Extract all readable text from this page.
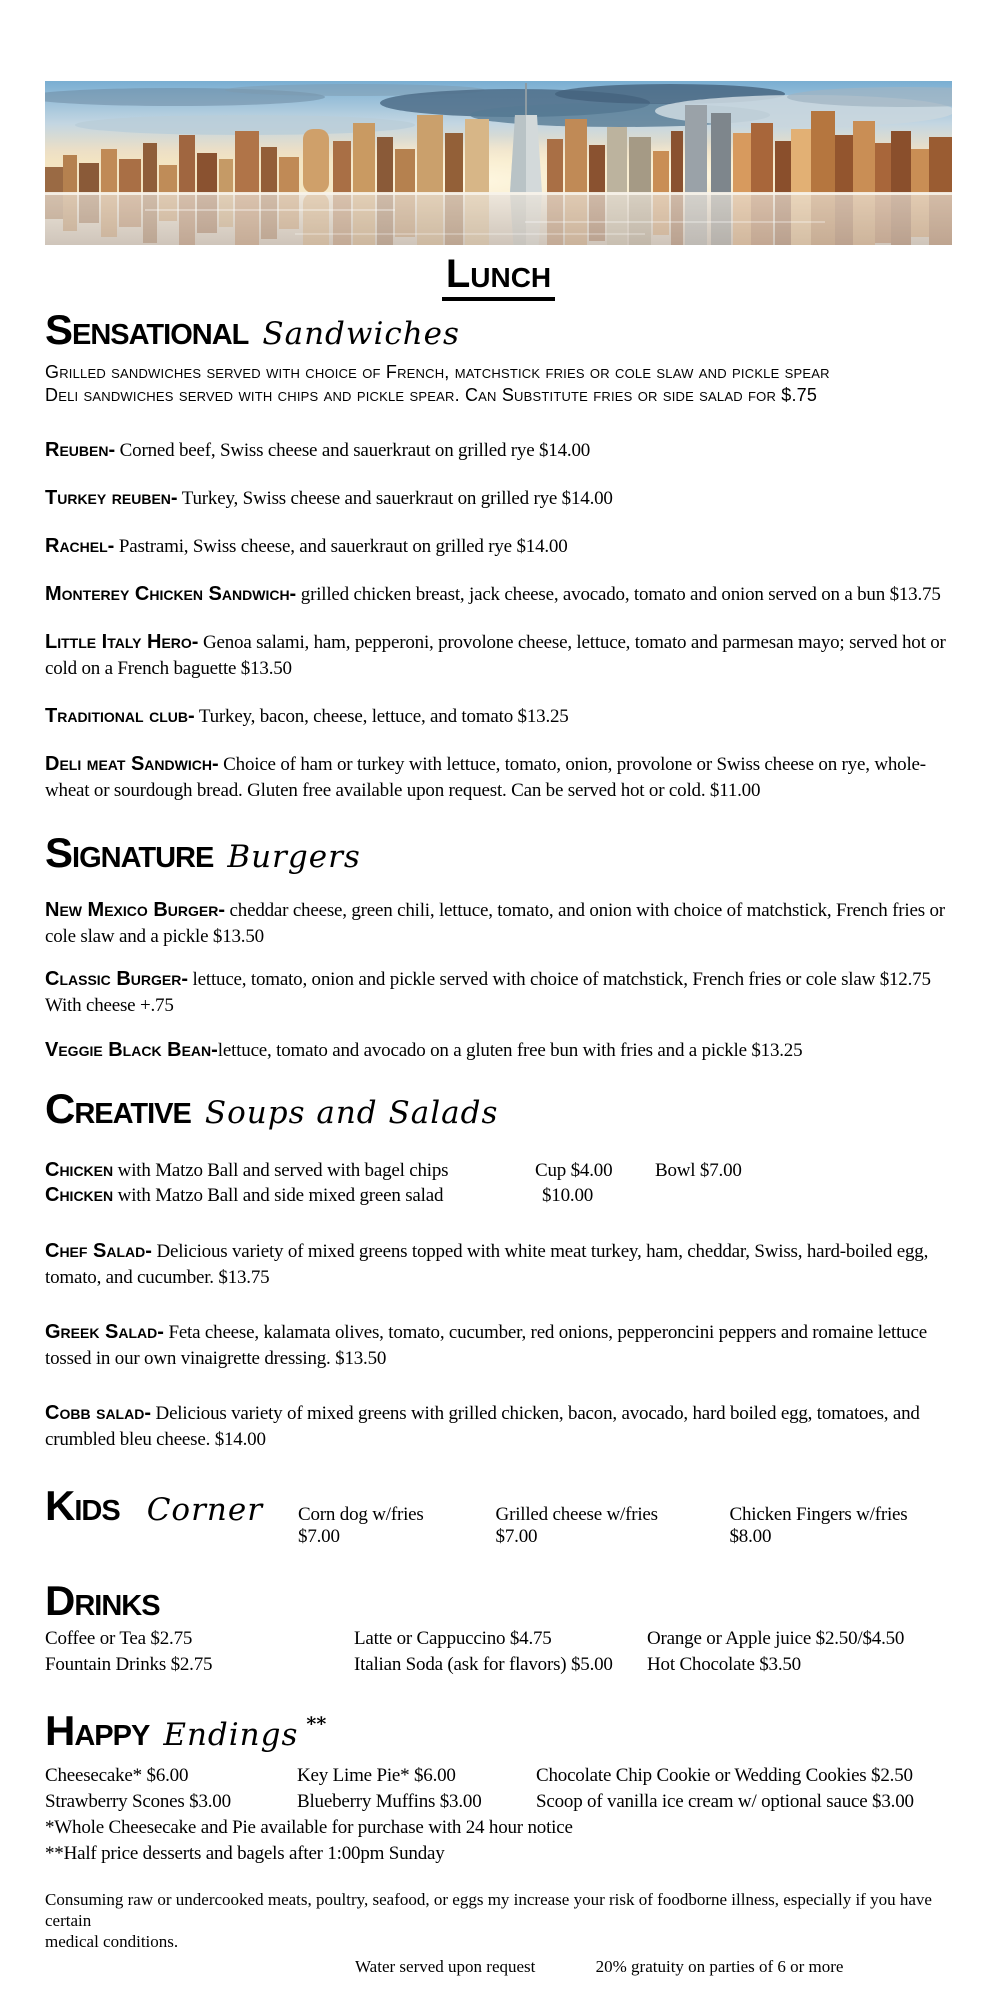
Lunch
Sensational Sandwiches

Grilled sandwiches served with choice of French, matchstick fries or cole slaw and pickle spear
Deli sandwiches served with chips and pickle spear. Can Substitute fries or side salad for $.75

Reuben- Corned beef, Swiss cheese and sauerkraut on grilled rye $14.00

Turkey reuben- Turkey, Swiss cheese and sauerkraut on grilled rye $14.00

Rachel- Pastrami, Swiss cheese, and sauerkraut on grilled rye $14.00

Monterey Chicken Sandwich- grilled chicken breast, jack cheese, avocado, tomato and onion served on a bun $13.75

Little Italy Hero- Genoa salami, ham, pepperoni, provolone cheese, lettuce, tomato and parmesan mayo; served hot or cold on a French baguette $13.50

Traditional club- Turkey, bacon, cheese, lettuce, and tomato $13.25

Deli meat Sandwich- Choice of ham or turkey with lettuce, tomato, onion, provolone or Swiss cheese on rye, whole-wheat or sourdough bread. Gluten free available upon request. Can be served hot or cold. $11.00

Signature Burgers

New Mexico Burger- cheddar cheese, green chili, lettuce, tomato, and onion with choice of matchstick, French fries or cole slaw and a pickle $13.50

Classic Burger- lettuce, tomato, onion and pickle served with choice of matchstick, French fries or cole slaw $12.75  With cheese +.75

Veggie Black Bean-lettuce, tomato and avocado on a gluten free bun with fries and a pickle $13.25

Creative Soups and Salads

Chicken with Matzo Ball and served with bagel chips	Cup $4.00 Bowl $7.00

Chicken with Matzo Ball and side mixed green salad	$10.00

Chef Salad- Delicious variety of mixed greens topped with white meat turkey, ham, cheddar, Swiss, hard-boiled egg, tomato, and cucumber. $13.75

Greek Salad- Feta cheese, kalamata olives, tomato, cucumber, red onions, pepperoncini peppers and romaine lettuce tossed in our own vinaigrette dressing. $13.50

Cobb salad- Delicious variety of mixed greens with grilled chicken, bacon, avocado, hard boiled egg, tomatoes, and crumbled bleu cheese. $14.00

Kids Corner Corn dog w/fries $7.00
Grilled cheese w/fries $7.00
Chicken Fingers w/fries $8.00
Drinks
Coffee or Tea $2.75	Latte or Cappuccino $4.75	Orange or Apple juice $2.50/$4.50
Fountain Drinks $2.75	Italian Soda (ask for flavors) $5.00	Hot Chocolate $3.50
Happy Endings **
Cheesecake* $6.00	Key Lime Pie* $6.00	Chocolate Chip Cookie or Wedding Cookies $2.50
Strawberry Scones $3.00	Blueberry Muffins $3.00	Scoop of vanilla ice cream w/ optional sauce $3.00

*Whole Cheesecake and Pie available for purchase with 24 hour notice

**Half price desserts and bagels after 1:00pm Sunday

Consuming raw or undercooked meats, poultry, seafood, or eggs my increase your risk of foodborne illness, especially if you have certain
medical conditions.

Water served upon request	20% gratuity on parties of 6 or more
